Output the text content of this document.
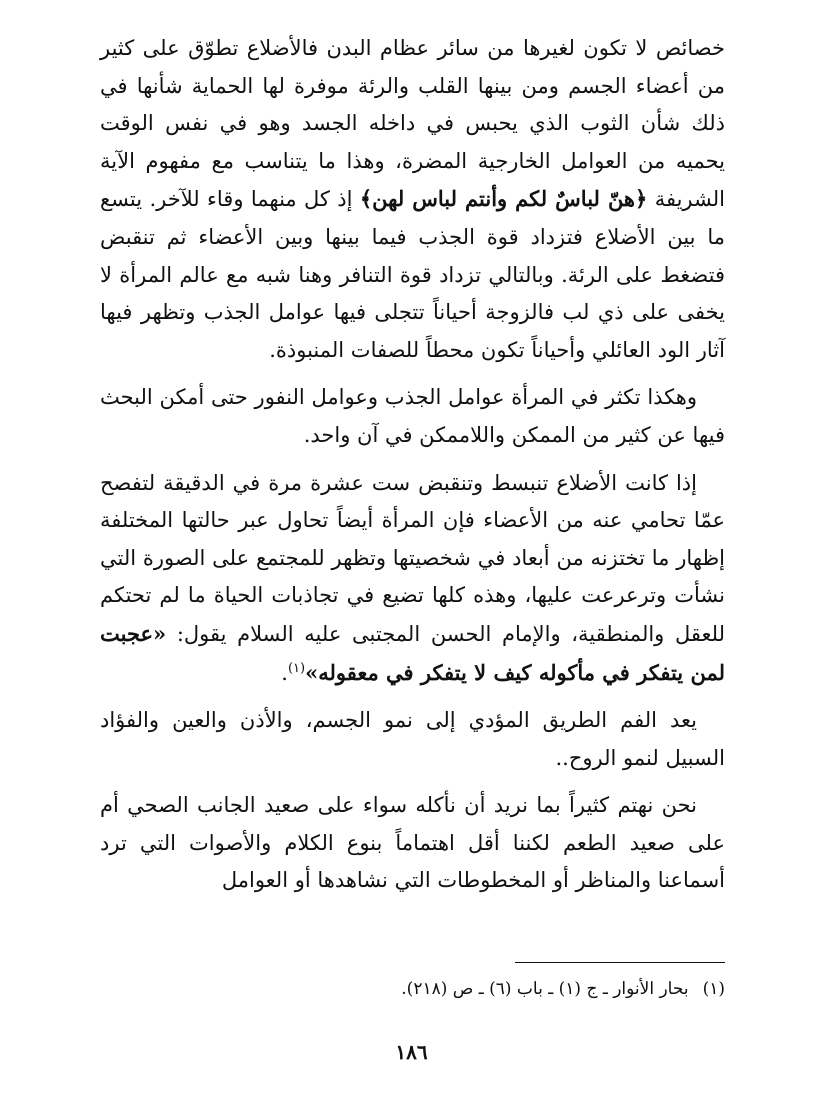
خصائص لا تكون لغيرها من سائر عظام البدن فالأضلاع تطوّق على كثير من أعضاء الجسم ومن بينها القلب والرئة موفرة لها الحماية شأنها في ذلك شأن الثوب الذي يحبس في داخله الجسد وهو في نفس الوقت يحميه من العوامل الخارجية المضرة، وهذا ما يتناسب مع مفهوم الآية الشريفة ﴿هنّ لباسٌ لكم وأنتم لباس لهن﴾ إذ كل منهما وقاء للآخر. يتسع ما بين الأضلاع فتزداد قوة الجذب فيما بينها وبين الأعضاء ثم تنقبض فتضغط على الرئة. وبالتالي تزداد قوة التنافر وهنا شبه مع عالم المرأة لا يخفى على ذي لب فالزوجة أحياناً تتجلى فيها عوامل الجذب وتظهر فيها آثار الود العائلي وأحياناً تكون محطاً للصفات المنبوذة.

وهكذا تكثر في المرأة عوامل الجذب وعوامل النفور حتى أمكن البحث فيها عن كثير من الممكن واللاممكن في آن واحد.

إذا كانت الأضلاع تنبسط وتنقبض ست عشرة مرة في الدقيقة لتفصح عمّا تحامي عنه من الأعضاء فإن المرأة أيضاً تحاول عبر حالتها المختلفة إظهار ما تختزنه من أبعاد في شخصيتها وتظهر للمجتمع على الصورة التي نشأت وترعرعت عليها، وهذه كلها تضيع في تجاذبات الحياة ما لم تحتكم للعقل والمنطقية، والإمام الحسن المجتبى عليه السلام يقول: «عجبت لمن يتفكر في مأكوله كيف لا يتفكر في معقوله»$^{(١)}$.

يعد الفم الطريق المؤدي إلى نمو الجسم، والأذن والعين والفؤاد السبيل لنمو الروح..

نحن نهتم كثيراً بما نريد أن نأكله سواء على صعيد الجانب الصحي أم على صعيد الطعم لكننا أقل اهتماماً بنوع الكلام والأصوات التي ترد أسماعنا والمناظر أو المخطوطات التي نشاهدها أو العوامل

(١)بحار الأنوار ـ ج (١) ـ باب (٦) ـ ص (٢١٨).

١٨٦
